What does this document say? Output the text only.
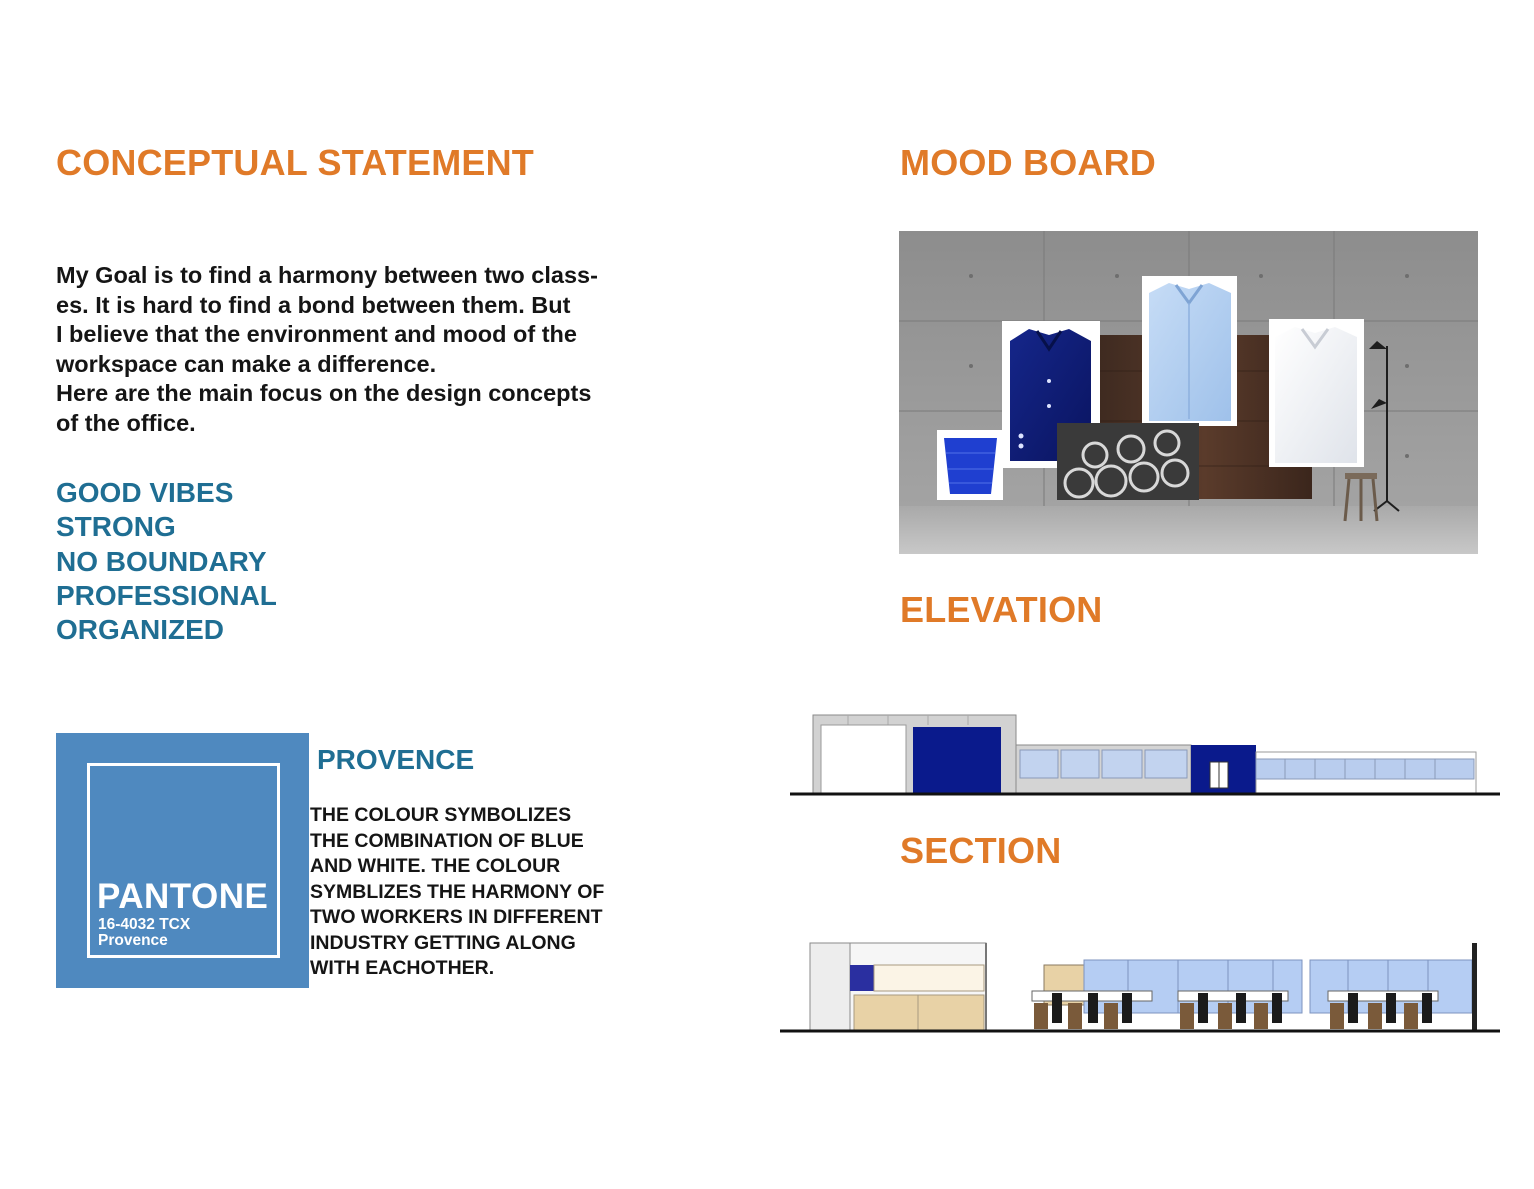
CONCEPTUAL STATEMENT

My Goal is to find a harmony between two class-

es. It is hard to find a bond between them. But

I believe that the environment and mood of the

workspace can make a difference.

Here are the main focus on the design concepts

of the office.

GOOD VIBES
STRONG
NO BOUNDARY
PROFESSIONAL
ORGANIZED
PANTONE
16-4032 TCX
Provence
PROVENCE

THE COLOUR SYMBOLIZES

THE COMBINATION OF BLUE

AND WHITE. THE COLOUR

SYMBLIZES THE HARMONY OF

TWO WORKERS IN DIFFERENT

INDUSTRY GETTING ALONG

WITH EACHOTHER.

MOOD BOARD
ELEVATION
SECTION
